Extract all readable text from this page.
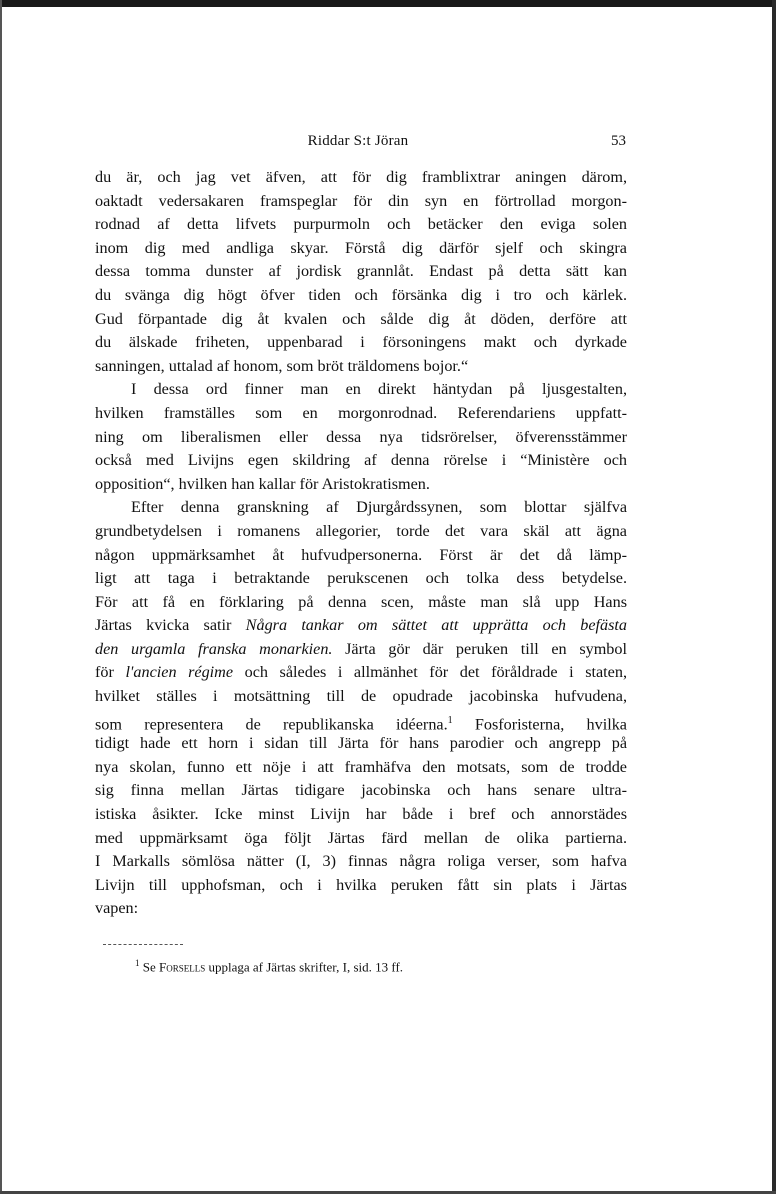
Riddar S:t Jöran	53
du är, och jag vet äfven, att för dig framblixtrar aningen därom,
oaktadt vedersakaren framspeglar för din syn en förtrollad morgon-
rodnad af detta lifvets purpurmoln och betäcker den eviga solen
inom dig med andliga skyar. Förstå dig därför sjelf och skingra
dessa tomma dunster af jordisk grannlåt. Endast på detta sätt kan
du svänga dig högt öfver tiden och försänka dig i tro och kärlek.
Gud förpantade dig åt kvalen och sålde dig åt döden, derföre att
du älskade friheten, uppenbarad i försoningens makt och dyrkade
sanningen, uttalad af honom, som bröt träldomens bojor.“
I dessa ord finner man en direkt häntydan på ljusgestalten,
hvilken framställes som en morgonrodnad. Referendariens uppfatt-
ning om liberalismen eller dessa nya tidsrörelser, öfverensstämmer
också med Livijns egen skildring af denna rörelse i “Ministère och
opposition“, hvilken han kallar för Aristokratismen.
Efter denna granskning af Djurgårdssynen, som blottar själfva
grundbetydelsen i romanens allegorier, torde det vara skäl att ägna
någon uppmärksamhet åt hufvudpersonerna. Först är det då lämp-
ligt att taga i betraktande perukscenen och tolka dess betydelse.
För att få en förklaring på denna scen, måste man slå upp Hans
Järtas kvicka satir Några tankar om sättet att upprätta och befästa
den urgamla franska monarkien. Järta gör där peruken till en symbol
för l'ancien régime och således i allmänhet för det föråldrade i staten,
hvilket ställes i motsättning till de opudrade jacobinska hufvudena,
som representera de republikanska idéerna.$^1$ Fosforisterna, hvilka
tidigt hade ett horn i sidan till Järta för hans parodier och angrepp på
nya skolan, funno ett nöje i att framhäfva den motsats, som de trodde
sig finna mellan Järtas tidigare jacobinska och hans senare ultra-
istiska åsikter. Icke minst Livijn har både i bref och annorstädes
med uppmärksamt öga följt Järtas färd mellan de olika partierna.
I Markalls sömlösa nätter (I, 3) finnas några roliga verser, som hafva
Livijn till upphofsman, och i hvilka peruken fått sin plats i Järtas
vapen:
$^1$ Se Forsells upplaga af Järtas skrifter, I, sid. 13 ff.
